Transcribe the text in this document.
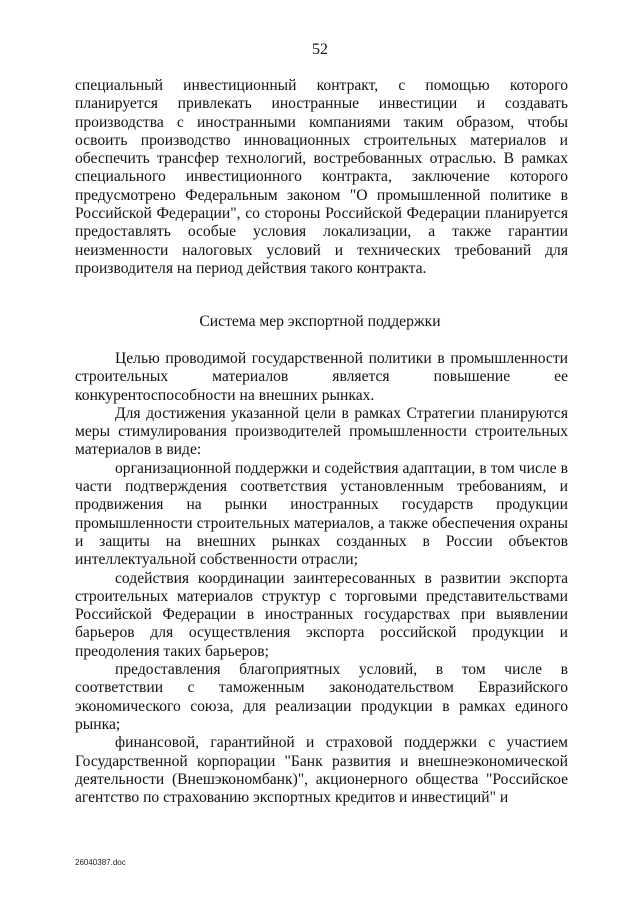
52

специальный инвестиционный контракт, с помощью которого планируется привлекать иностранные инвестиции и создавать производства с иностранными компаниями таким образом, чтобы освоить производство инновационных строительных материалов и обеспечить трансфер технологий, востребованных отраслью. В рамках специального инвестиционного контракта, заключение которого предусмотрено Федеральным законом "О промышленной политике в Российской Федерации", со стороны Российской Федерации планируется предоставлять особые условия локализации, а также гарантии неизменности налоговых условий и технических требований для производителя на период действия такого контракта.

Система мер экспортной поддержки

Целью проводимой государственной политики в промышленности строительных материалов является повышение ее конкурентоспособности на внешних рынках.

Для достижения указанной цели в рамках Стратегии планируются меры стимулирования производителей промышленности строительных материалов в виде:

организационной поддержки и содействия адаптации, в том числе в части подтверждения соответствия установленным требованиям, и продвижения на рынки иностранных государств продукции промышленности строительных материалов, а также обеспечения охраны и защиты на внешних рынках созданных в России объектов интеллектуальной собственности отрасли;

содействия координации заинтересованных в развитии экспорта строительных материалов структур с торговыми представительствами Российской Федерации в иностранных государствах при выявлении барьеров для осуществления экспорта российской продукции и преодоления таких барьеров;

предоставления благоприятных условий, в том числе в соответствии с таможенным законодательством Евразийского экономического союза, для реализации продукции в рамках единого рынка;

финансовой, гарантийной и страховой поддержки с участием Государственной корпорации "Банк развития и внешнеэкономической деятельности (Внешэкономбанк)", акционерного общества "Российское агентство по страхованию экспортных кредитов и инвестиций" и

26040387.doc
